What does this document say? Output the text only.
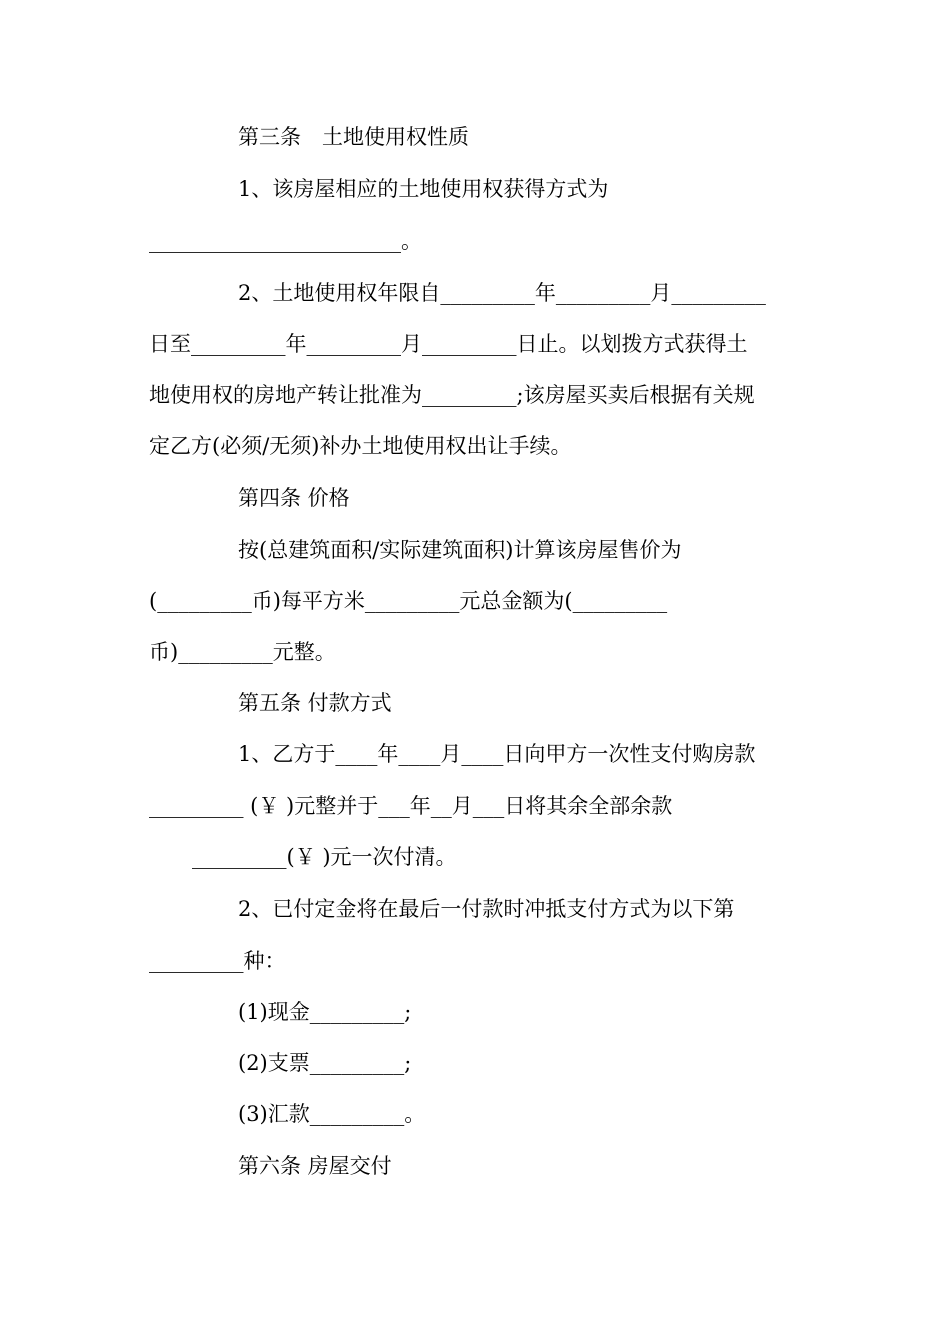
第三条　土地使用权性质
1、该房屋相应的土地使用权获得方式为
________________________。
2、土地使用权年限自_________年_________月_________
日至_________年_________月_________日止。以划拨方式获得土
地使用权的房地产转让批准为_________;该房屋买卖后根据有关规
定乙方(必须/无须)补办土地使用权出让手续。
第四条 价格
按(总建筑面积/实际建筑面积)计算该房屋售价为
(_________币)每平方米_________元总金额为(_________
币)_________元整。
第五条 付款方式
1、乙方于____年____月____日向甲方一次性支付购房款
_________ (￥ )元整并于___年__月___日将其余全部余款
_________(￥ )元一次付清。
2、已付定金将在最后一付款时冲抵支付方式为以下第
_________种：
(1)现金_________;
(2)支票_________;
(3)汇款_________。
第六条 房屋交付
